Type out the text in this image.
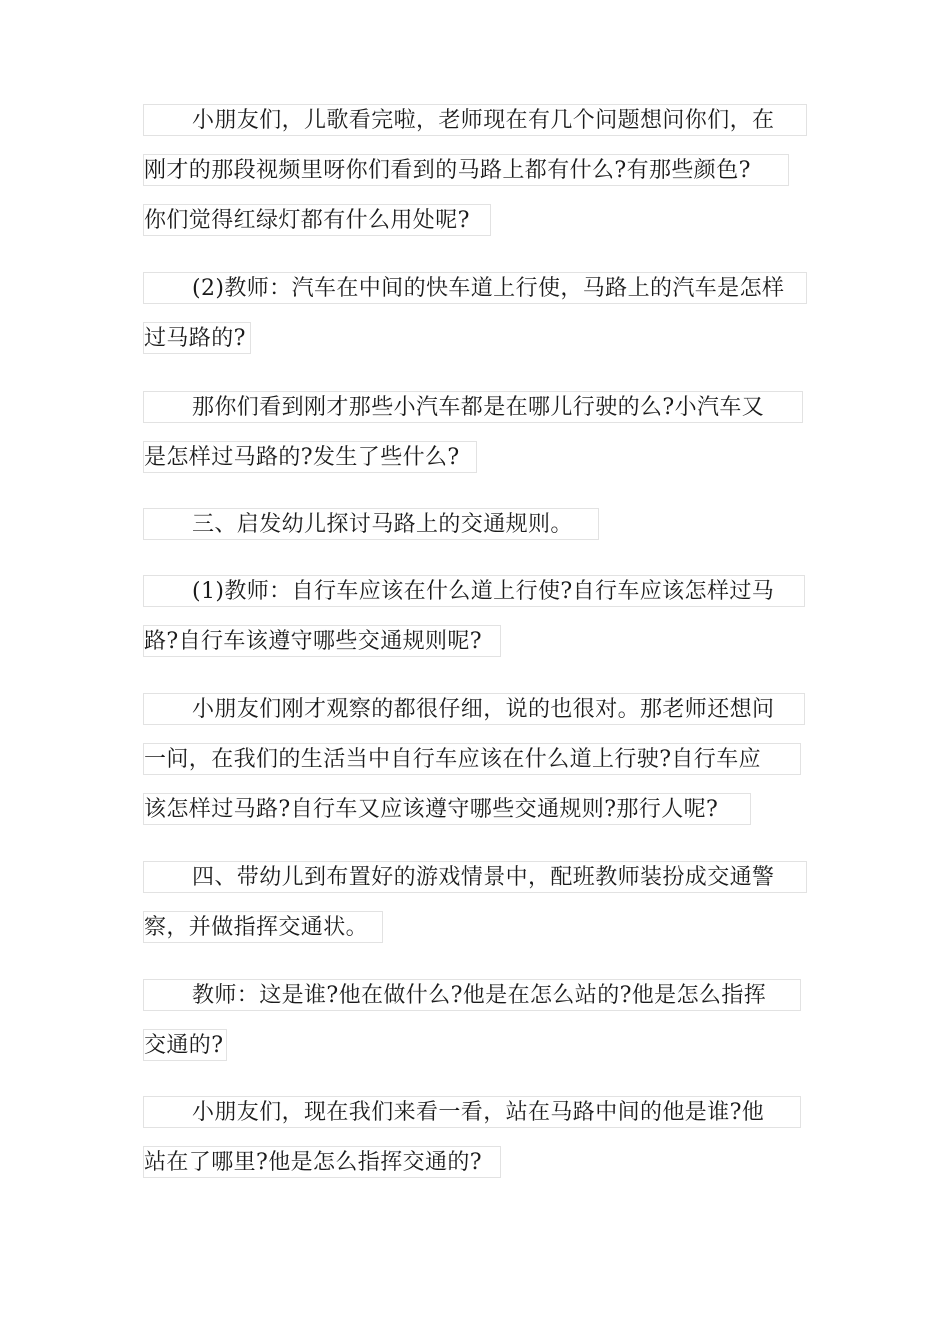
小朋友们，儿歌看完啦，老师现在有几个问题想问你们，在
刚才的那段视频里呀你们看到的马路上都有什么?有那些颜色?
你们觉得红绿灯都有什么用处呢?
(2)教师：汽车在中间的快车道上行使，马路上的汽车是怎样
过马路的?
那你们看到刚才那些小汽车都是在哪儿行驶的么?小汽车又
是怎样过马路的?发生了些什么?
三、启发幼儿探讨马路上的交通规则。
(1)教师：自行车应该在什么道上行使?自行车应该怎样过马
路?自行车该遵守哪些交通规则呢?
小朋友们刚才观察的都很仔细，说的也很对。那老师还想问
一问，在我们的生活当中自行车应该在什么道上行驶?自行车应
该怎样过马路?自行车又应该遵守哪些交通规则?那行人呢?
四、带幼儿到布置好的游戏情景中，配班教师装扮成交通警
察，并做指挥交通状。
教师：这是谁?他在做什么?他是在怎么站的?他是怎么指挥
交通的?
小朋友们，现在我们来看一看，站在马路中间的他是谁?他
站在了哪里?他是怎么指挥交通的?
